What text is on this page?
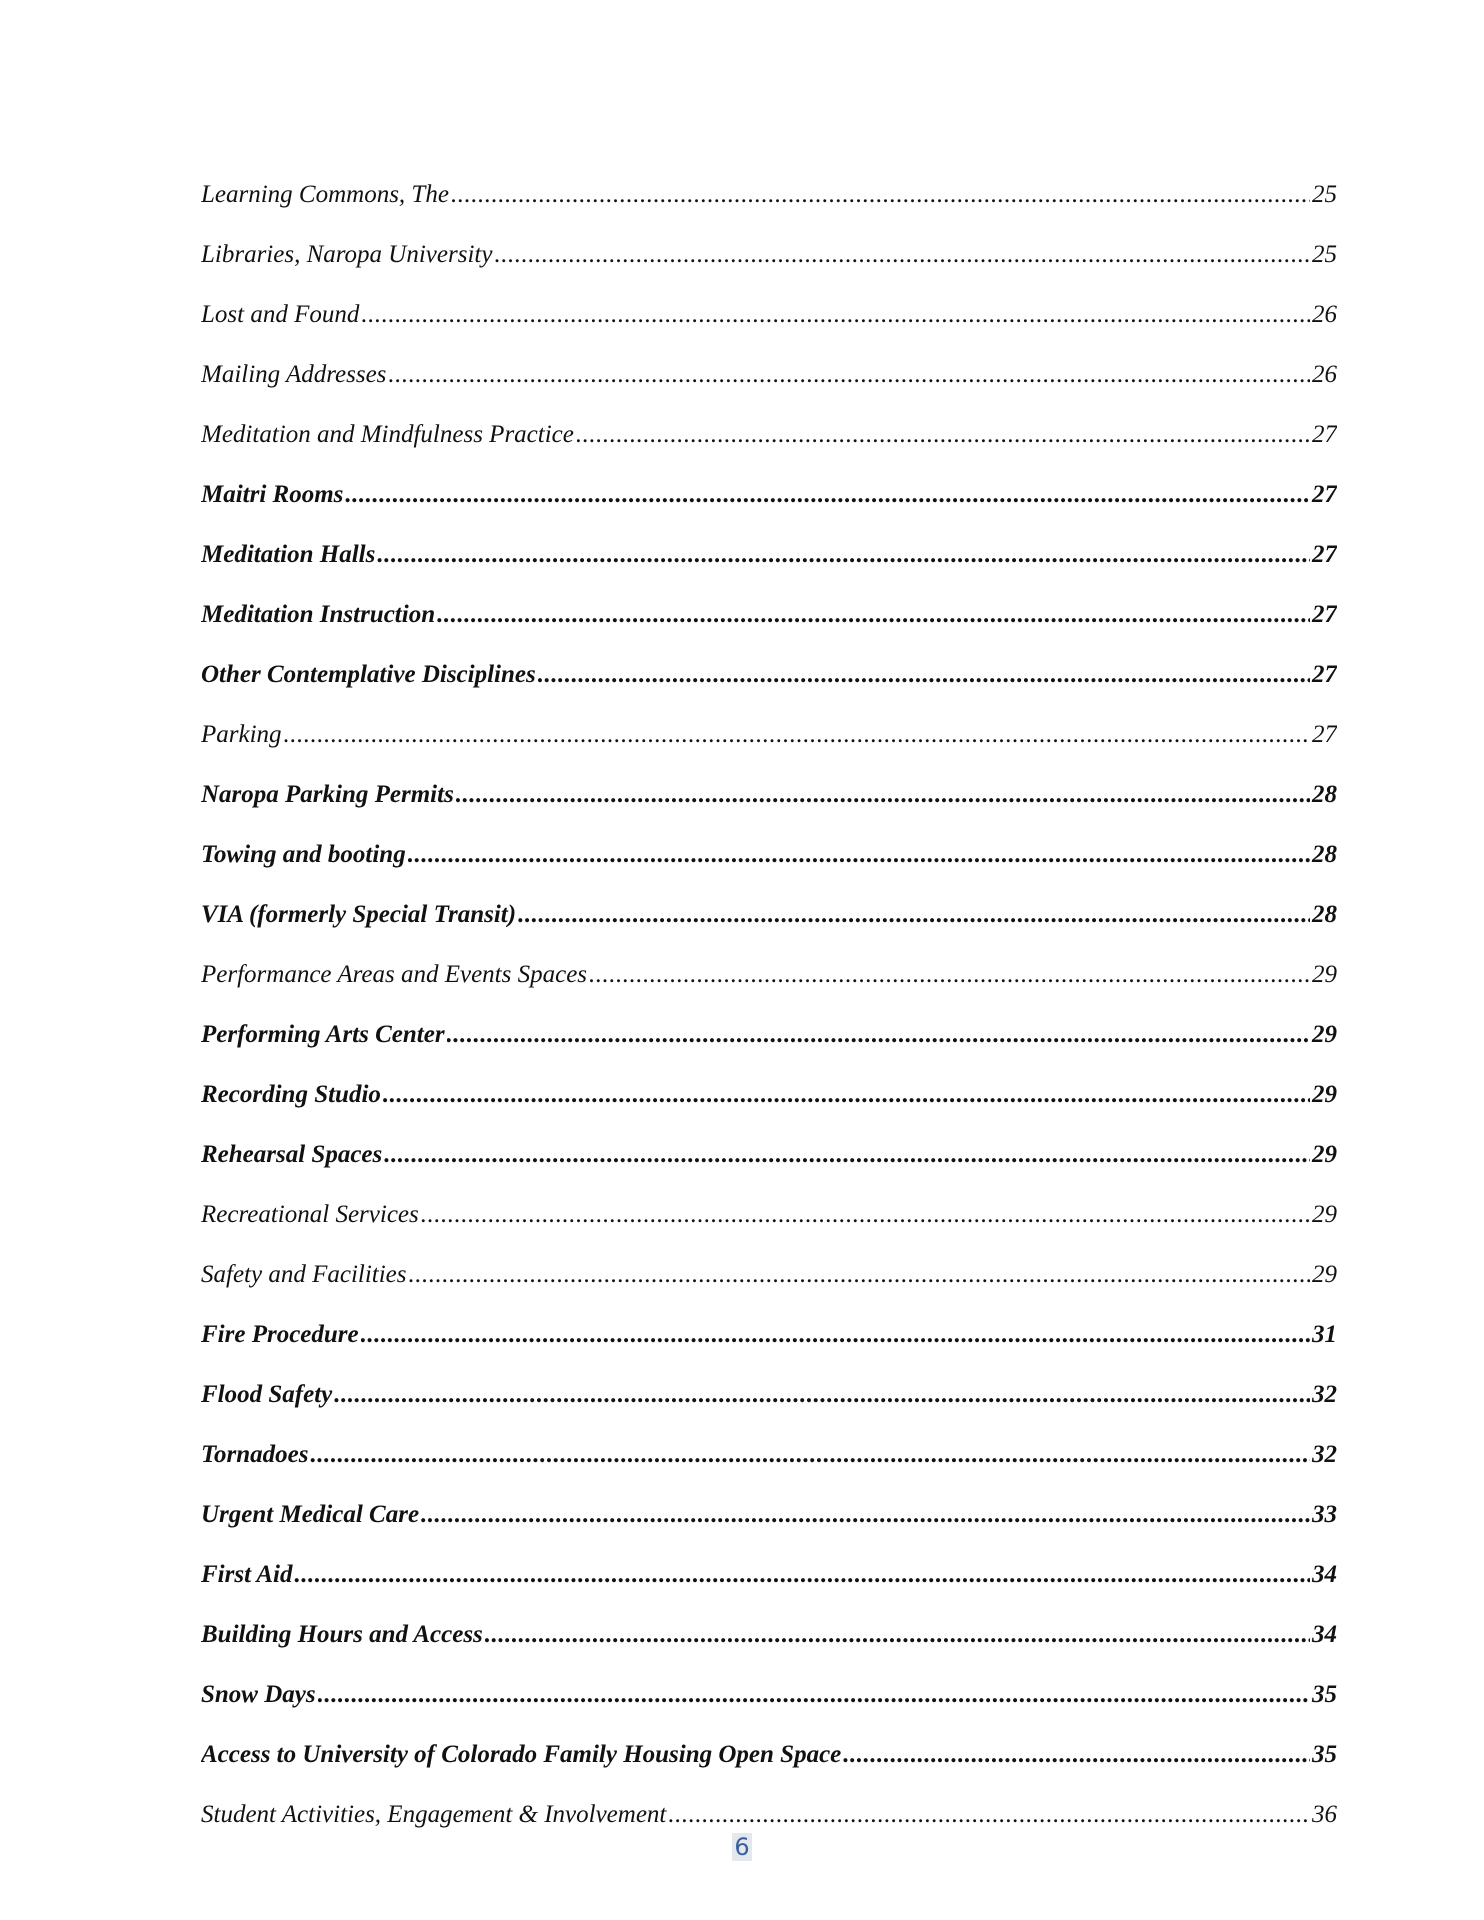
Learning Commons, The .....	25
Libraries, Naropa University .....	25
Lost and Found .....	26
Mailing Addresses .....	26
Meditation and Mindfulness Practice .....	27
Maitri Rooms .....	27
Meditation Halls .....	27
Meditation Instruction .....	27
Other Contemplative Disciplines .....	27
Parking .....	27
Naropa Parking Permits .....	28
Towing and booting .....	28
VIA (formerly Special Transit) .....	28
Performance Areas and Events Spaces .....	29
Performing Arts Center .....	29
Recording Studio .....	29
Rehearsal Spaces .....	29
Recreational Services .....	29
Safety and Facilities .....	29
Fire Procedure .....	31
Flood Safety .....	32
Tornadoes .....	32
Urgent Medical Care .....	33
First Aid .....	34
Building Hours and Access .....	34
Snow Days .....	35
Access to University of Colorado Family Housing Open Space .....	35
Student Activities, Engagement & Involvement .....	36
6
